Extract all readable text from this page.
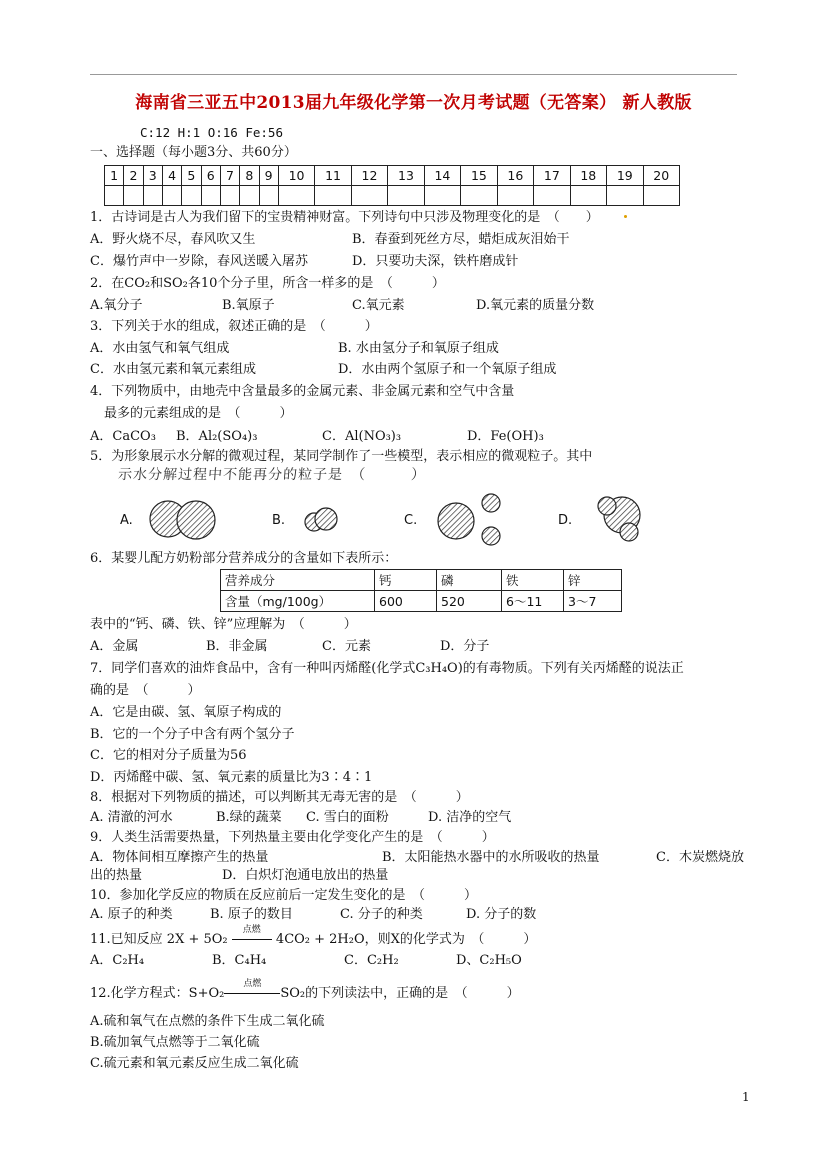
海南省三亚五中2013届九年级化学第一次月考试题（无答案） 新人教版
C:12 H:1 O:16 Fe:56
一、选择题（每小题3分、共60分）
1	2	3	4	5	6	7	8	9	10	11	12	13	14	15	16	17	18	19	20

1．古诗词是古人为我们留下的宝贵精神财富。下列诗句中只涉及物理变化的是　（　　）
A．野火烧不尽，春风吹又生	B．春蚕到死丝方尽，蜡炬成灰泪始干
C．爆竹声中一岁除，春风送暖入屠苏	D．只要功夫深，铁杵磨成针
2．在CO₂和SO₂各10个分子里，所含一样多的是　（　　　）
A.氧分子	B.氧原子	C.氧元素	D.氧元素的质量分数
3．下列关于水的组成，叙述正确的是　（　　　）
A．水由氢气和氧气组成	B. 水由氢分子和氧原子组成
C．水由氢元素和氧元素组成	D．水由两个氢原子和一个氧原子组成
4．下列物质中，由地壳中含量最多的金属元素、非金属元素和空气中含量
最多的元素组成的是　（　　　）
A．CaCO₃ B．Al₂(SO₄)₃	C．Al(NO₃)₃	D．Fe(OH)₃
5．为形象展示水分解的微观过程，某同学制作了一些模型，表示相应的微观粒子。其中
示水分解过程中不能再分的粒子是　（　　　）
A.	B.	C.	D.
6．某婴儿配方奶粉部分营养成分的含量如下表所示：
营养成分	钙	磷	铁	锌
含量（mg/100g）	600	520	6～11	3～7
表中的“钙、磷、铁、锌”应理解为　（　　　）
A．金属	B．非金属	C．元素	D．分子
7．同学们喜欢的油炸食品中，含有一种叫丙烯醛(化学式C₃H₄O)的有毒物质。下列有关丙烯醛的说法正
确的是　（　　　）
A．它是由碳、氢、氧原子构成的
B．它的一个分子中含有两个氢分子
C．它的相对分子质量为56
D．丙烯醛中碳、氢、氧元素的质量比为3∶4∶1
8．根据对下列物质的描述，可以判断其无毒无害的是　（　　　）
A. 清澈的河水	B.绿的蔬菜 C. 雪白的面粉	D. 洁净的空气
9．人类生活需要热量，下列热量主要由化学变化产生的是　（　　　）
A．物体间相互摩擦产生的热量	B．太阳能热水器中的水所吸收的热量	C．木炭燃烧放
出的热量	D．白炽灯泡通电放出的热量
10．参加化学反应的物质在反应前后一定发生变化的是　（　　　）
A. 原子的种类	B. 原子的数目	C. 分子的种类	D. 分子的数
11.已知反应 2X + 5O₂
点燃
4CO₂ + 2H₂O，则X的化学式为　（　　　）
A．C₂H₄	B．C₄H₄	C．C₂H₂	D、C₂H₅O
12.化学方程式：S+O₂
点燃
SO₂的下列读法中，正确的是　（　　　）
A.硫和氧气在点燃的条件下生成二氧化硫
B.硫加氧气点燃等于二氧化硫
C.硫元素和氧元素反应生成二氧化硫
1
